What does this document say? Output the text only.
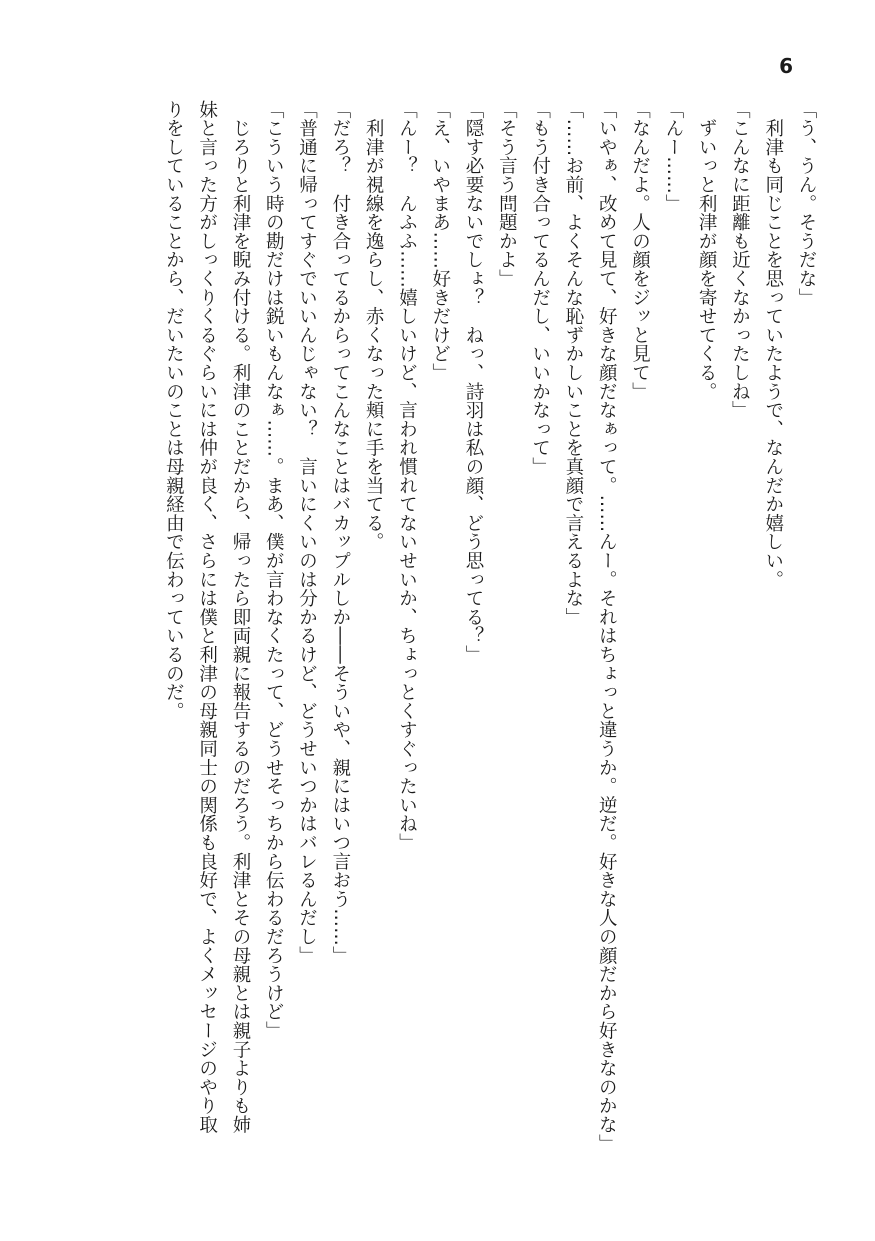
6

「う、うん。そうだな」

　利津も同じことを思っていたようで、なんだか嬉しい。

「こんなに距離も近くなかったしね」

　ずいっと利津が顔を寄せてくる。

「んー……」

「なんだよ。人の顔をジッと見て」

「いやぁ、改めて見て、好きな顔だなぁって。……んー。それはちょっと違うか。逆だ。好きな人の顔だから好きなのかな」

「……お前、よくそんな恥ずかしいことを真顔で言えるよな」

「もう付き合ってるんだし、いいかなって」

「そう言う問題かよ」

「隠す必要ないでしょ？　ねっ、詩羽は私の顔、どう思ってる？」

「え、いやまあ……好きだけど」

「んー？　んふふ……嬉しいけど、言われ慣れてないせいか、ちょっとくすぐったいね」

　利津が視線を逸らし、赤くなった頬に手を当てる。

「だろ？　付き合ってるからってこんなことはバカップルしか――そういや、親にはいつ言おう……」

「普通に帰ってすぐでいいんじゃない？　言いにくいのは分かるけど、どうせいつかはバレるんだし」

「こういう時の勘だけは鋭いもんなぁ……。まあ、僕が言わなくたって、どうせそっちから伝わるだろうけど」

　じろりと利津を睨み付ける。利津のことだから、帰ったら即両親に報告するのだろう。利津とその母親とは親子よりも姉

妹と言った方がしっくりくるぐらいには仲が良く、さらには僕と利津の母親同士の関係も良好で、よくメッセージのやり取

りをしていることから、だいたいのことは母親経由で伝わっているのだ。
